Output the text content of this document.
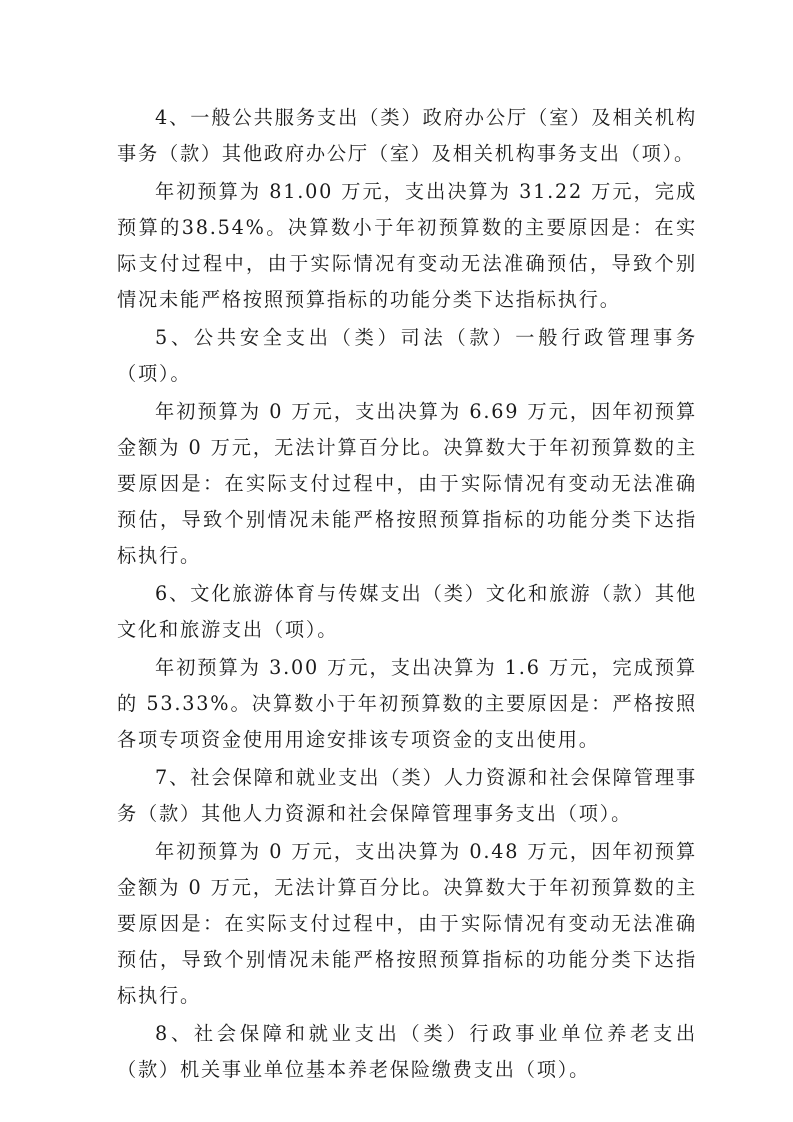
4、一般公共服务支出（类）政府办公厅（室）及相关机构事务（款）其他政府办公厅（室）及相关机构事务支出（项）。

年初预算为 81.00 万元，支出决算为 31.22 万元，完成预算的38.54%。决算数小于年初预算数的主要原因是：在实际支付过程中，由于实际情况有变动无法准确预估，导致个别情况未能严格按照预算指标的功能分类下达指标执行。

5、公共安全支出（类）司法（款）一般行政管理事务（项）。

年初预算为 0 万元，支出决算为 6.69 万元，因年初预算金额为 0 万元，无法计算百分比。决算数大于年初预算数的主要原因是：在实际支付过程中，由于实际情况有变动无法准确预估，导致个别情况未能严格按照预算指标的功能分类下达指标执行。

6、文化旅游体育与传媒支出（类）文化和旅游（款）其他文化和旅游支出（项）。

年初预算为 3.00 万元，支出决算为 1.6 万元，完成预算的 53.33%。决算数小于年初预算数的主要原因是：严格按照各项专项资金使用用途安排该专项资金的支出使用。

7、社会保障和就业支出（类）人力资源和社会保障管理事务（款）其他人力资源和社会保障管理事务支出（项）。

年初预算为 0 万元，支出决算为 0.48 万元，因年初预算金额为 0 万元，无法计算百分比。决算数大于年初预算数的主要原因是：在实际支付过程中，由于实际情况有变动无法准确预估，导致个别情况未能严格按照预算指标的功能分类下达指标执行。

8、社会保障和就业支出（类）行政事业单位养老支出（款）机关事业单位基本养老保险缴费支出（项）。
